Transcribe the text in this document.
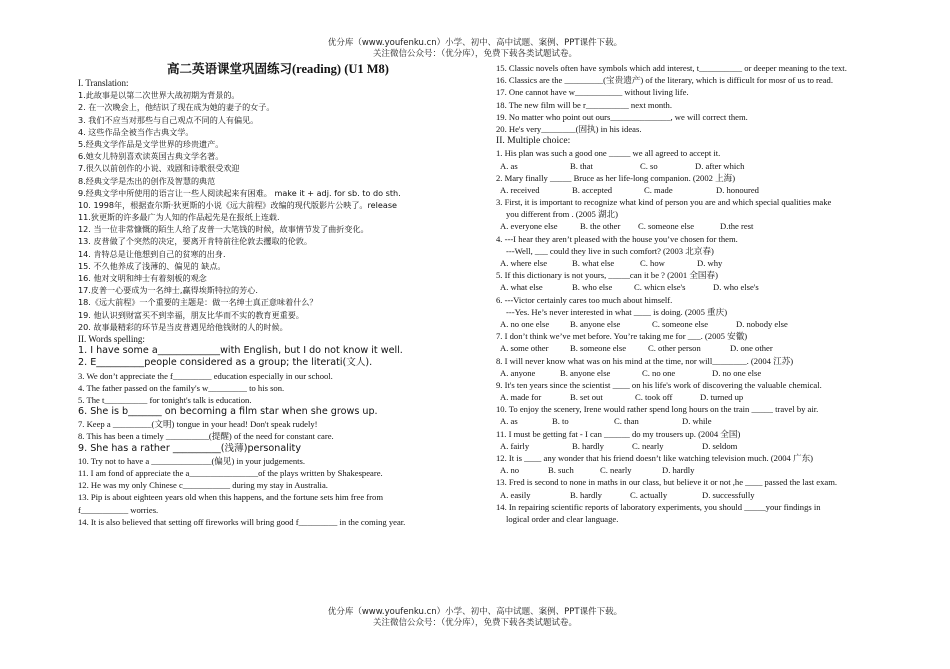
优分库（www.youfenku.cn）小学、初中、高中试题、案例、PPT课件下载。
关注微信公众号：（优分库），免费下载各类试题试卷。
高二英语课堂巩固练习(reading) (U1 M8)
I. Translation:
1.此故事是以第二次世界大战初期为背景的。
2. 在一次晚会上，他结识了现在成为她的妻子的女子。
3. 我们不应当对那些与自己观点不同的人有偏见。
4. 这些作品全被当作古典文学。
5.经典文学作品是文学世界的珍贵遗产。
6.她女儿特别喜欢读英国古典文学名著。
7.很久以前创作的小说、戏剧和诗歌很受欢迎
8.经典文学是杰出的创作及智慧的典范
9.经典文学中所使用的语言让一些人阅读起来有困难。 make it + adj. for sb. to do sth.
10. 1998年，根据查尔斯·狄更斯的小说《远大前程》改编的现代版影片公映了。release
11.狄更斯的许多最广为人知的作品起先是在报纸上连载.
12. 当一位非常慷慨的陌生人给了皮普一大笔钱的时候，故事情节发了曲折变化。
13. 皮普做了个突然的决定，要离开肯特前往伦敦去攫取的伦敦。
14. 肯特总是让他想到自己的贫寒的出身.
15. 不久他养成了浅薄的、偏见的 缺点。
16. 他对文明和绅士有着刻板的观念
17.皮普一心要成为一名绅士,赢得埃斯特拉的芳心.
18.《远大前程》一个重要的主题是：做一名绅士真正意味着什么？
19. 他认识到财富买不到幸福，朋友比华而不实的教育更重要。
20. 故事最精彩的环节是当皮普遇见给他钱财的人的时候。
II. Words spelling:
1. I have some a_____________with English, but I do not know it well.
2. E__________people considered as a group; the literati(文人).
3. We don’t appreciate the f_________ education especially in our school.
4. The father passed on the family's w_________ to his son.
5. The t__________ for tonight's talk is education.
6. She is b_______ on becoming a film star when she grows up.
7. Keep a _________(文明) tongue in your head! Don't speak rudely!
8. This has been a timely __________(提醒) of the need for constant care.
9. She has a rather __________(浅薄)personality
10. Try not to have a ______________(偏见) in your judgements.
11. I am fond of appreciate the a________________of the plays written by Shakespeare.
12. He was my only Chinese c___________ during my stay in Australia.
13. Pip is about eighteen years old when this happens, and the fortune sets him free from
f___________ worries.
14. It is also believed that setting off fireworks will bring good f_________ in the coming year.
15. Classic novels often have symbols which add interest, t__________ or deeper meaning to the text.
16. Classics are the _________(宝贵遗产) of the literary, which is difficult for mosr of us to read.
17. One cannot have w___________ without living life.
18. The new film will be r__________ next month.
19. No matter who point out ours______________, we will correct them.
20. He's very________(固执) in his ideas.
II. Multiple choice:
1. His plan was such a good one _____ we all agreed to accept it.
A. as	B. that	C. so	D. after which
2. Mary finally _____ Bruce as her life-long companion. (2002 上海)
A. received	B. accepted	C. made	D. honoured
3. First, it is important to recognize what kind of person you are and which special qualities make
you different from . (2005 湖北)
A. everyone else	B. the other C. someone else	D.the rest
4. ---I hear they aren’t pleased with the house you’ve chosen for them.
---Well, ___ could they live in such comfort? (2003 北京春)
A. where else	B. what else	C. how	D. why
5. If this dictionary is not yours, _____can it be ? (2001 全国春)
A. what else	B. who else	C. whicn else's	D. who else's
6. ---Victor certainly cares too much about himself.
---Yes. He’s never interested in what ____ is doing. (2005 重庆)
A. no one else B. anyone else	C. someone else	D. nobody else
7. I don’t think we’ve met before. You’re taking me for ___. (2005 安徽)
A. some other	B. someone else	C. other person	D. one other
8. I will never know what was on his mind at the time, nor will________. (2004 江苏)
A. anyone	B. anyone else	C. no one	D. no one else
9. It's ten years since the scientist ____ on his life's work of discovering the valuable chemical.
A. made for	B. set out	C. took off	D. turned up
10. To enjoy the scenery, Irene would rather spend long hours on the train _____ travel by air.
A. as	B. to	C. than	D. while
11. I must be getting fat - I can ______ do my trousers up. (2004 全国)
A. fairly	B. hardly	C. nearly	D. seldom
12. It is ____ any wonder that his friend doesn’t like watching television much. (2004 广东)
A. no	B. such	C. nearly	D. hardly
13. Fred is second to none in maths in our class, but believe it or not ,he ____ passed the last exam.
A. easily	B. hardly	C. actually	D. successfully
14. In repairing scientific reports of laboratory experiments, you should _____your findings in
logical order and clear language.
优分库（www.youfenku.cn）小学、初中、高中试题、案例、PPT课件下载。
关注微信公众号：（优分库），免费下载各类试题试卷。
